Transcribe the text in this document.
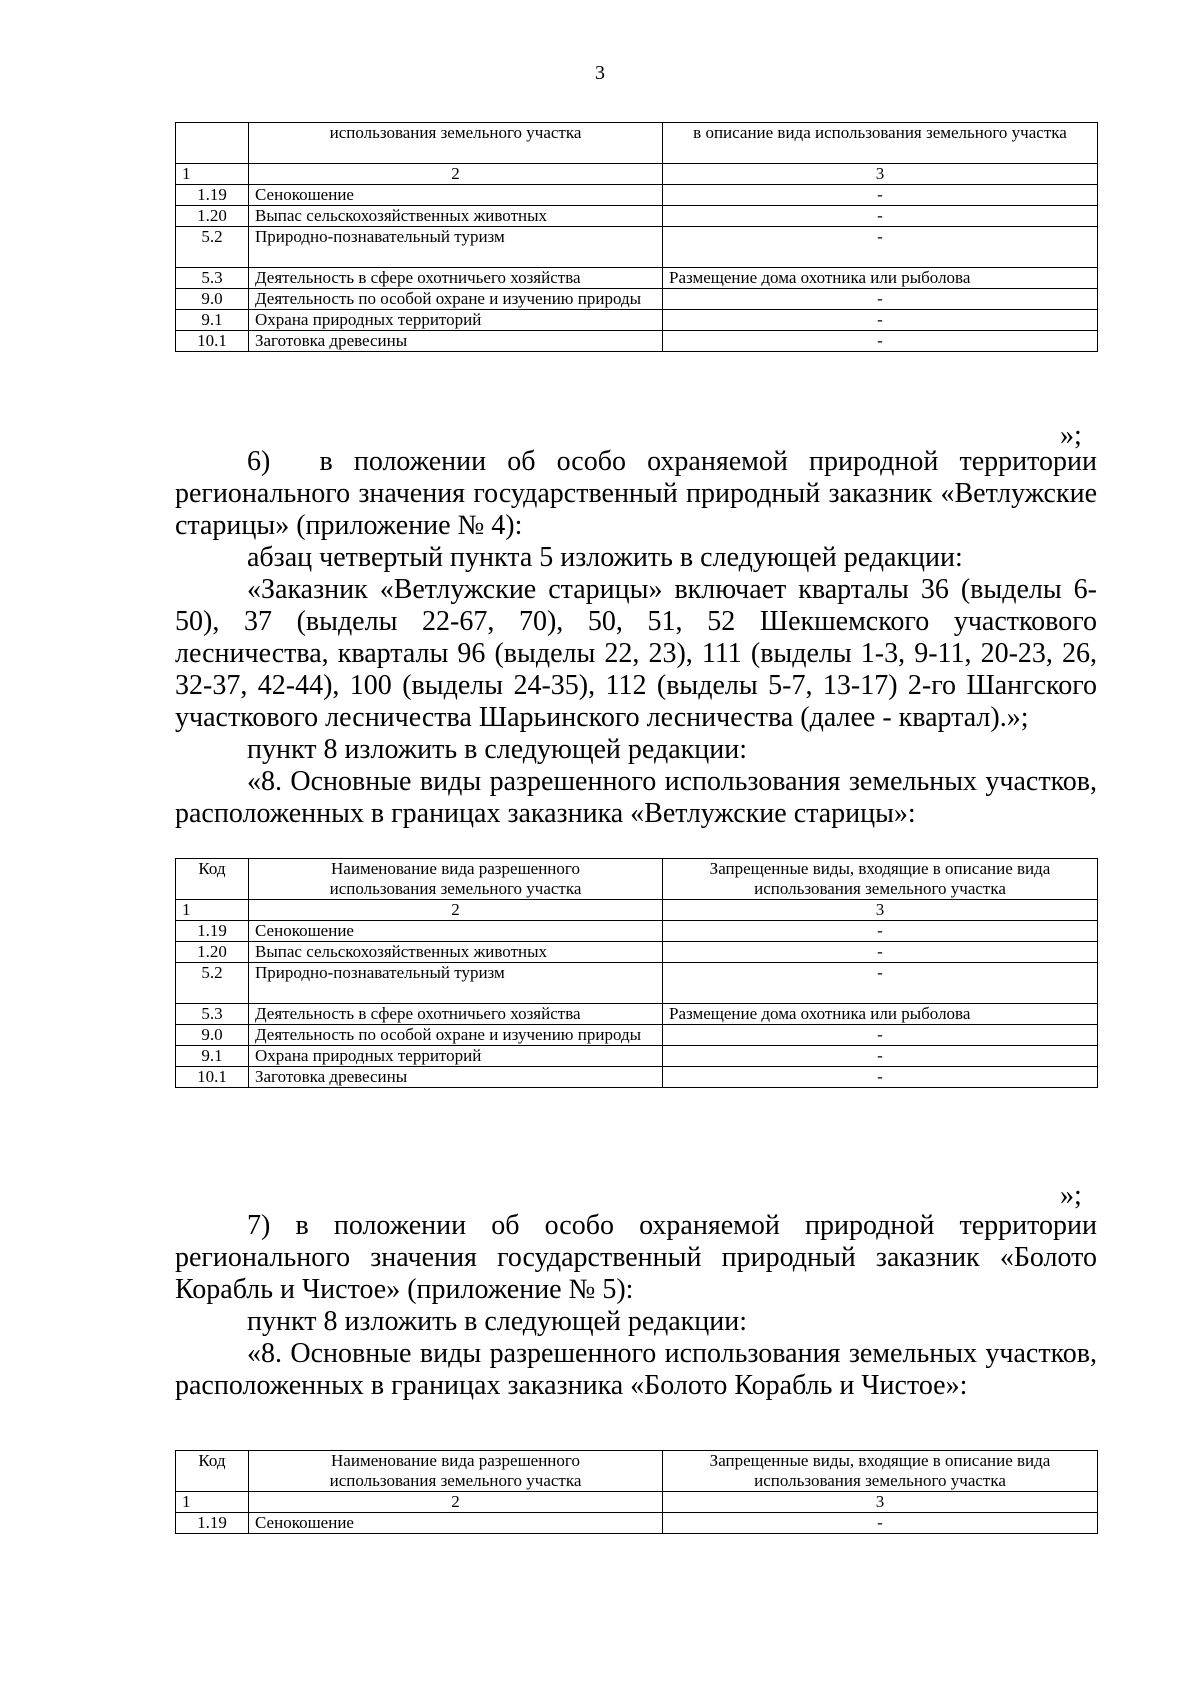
3
	использования земельного участка	в описание вида использования земельного участка
1	2	3
1.19	Сенокошение	-
1.20	Выпас сельскохозяйственных животных	-
5.2	Природно-познавательный туризм	-
5.3	Деятельность в сфере охотничьего хозяйства	Размещение дома охотника или рыболова
9.0	Деятельность по особой охране и изучению природы	-
9.1	Охрана природных территорий	-
10.1	Заготовка древесины	-
»;

6)  в положении об особо охраняемой природной территории регионального значения государственный природный заказник «Ветлужские старицы» (приложение № 4):

абзац четвертый пункта 5 изложить в следующей редакции:

«Заказник «Ветлужские старицы» включает кварталы 36 (выделы 6-50), 37 (выделы 22-67, 70), 50, 51, 52 Шекшемского участкового лесничества, кварталы 96 (выделы 22, 23), 111 (выделы 1-3, 9-11, 20-23, 26, 32-37, 42-44), 100 (выделы 24-35), 112 (выделы 5-7, 13-17) 2-го Шангского участкового лесничества Шарьинского лесничества (далее - квартал).»;

пункт 8 изложить в следующей редакции:

«8. Основные виды разрешенного использования земельных участков, расположенных в границах заказника «Ветлужские старицы»:

Код	Наименование вида разрешенного использования земельного участка	Запрещенные виды, входящие в описание вида использования земельного участка
1	2	3
1.19	Сенокошение	-
1.20	Выпас сельскохозяйственных животных	-
5.2	Природно-познавательный туризм	-
5.3	Деятельность в сфере охотничьего хозяйства	Размещение дома охотника или рыболова
9.0	Деятельность по особой охране и изучению природы	-
9.1	Охрана природных территорий	-
10.1	Заготовка древесины	-
»;

7) в положении об особо охраняемой природной территории регионального значения государственный природный заказник «Болото Корабль и Чистое» (приложение № 5):

пункт 8 изложить в следующей редакции:

«8. Основные виды разрешенного использования земельных участков, расположенных в границах заказника «Болото Корабль и Чистое»:

Код	Наименование вида разрешенного использования земельного участка	Запрещенные виды, входящие в описание вида использования земельного участка
1	2	3
1.19	Сенокошение	-
